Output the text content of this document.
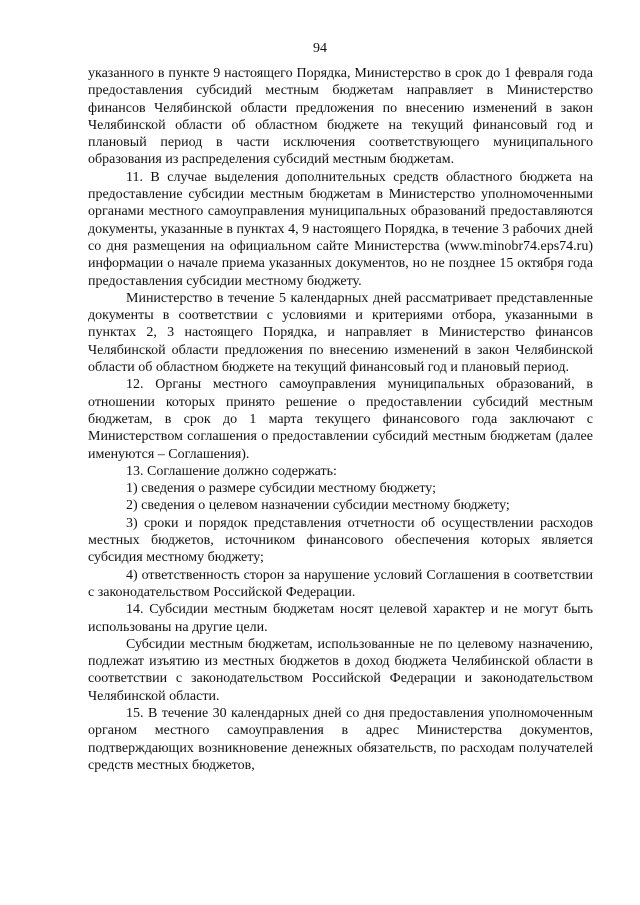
94

указанного в пункте 9 настоящего Порядка, Министерство в срок до 1 февраля года предоставления субсидий местным бюджетам направляет в Министерство финансов Челябинской области предложения по внесению изменений в закон Челябинской области об областном бюджете на текущий финансовый год и плановый период в части исключения соответствующего муниципального образования из распределения субсидий местным бюджетам.

11. В случае выделения дополнительных средств областного бюджета на предоставление субсидии местным бюджетам в Министерство уполномоченными органами местного самоуправления муниципальных образований предоставляются документы, указанные в пунктах 4, 9 настоящего Порядка, в течение 3 рабочих дней со дня размещения на официальном сайте Министерства (www.minobr74.eps74.ru) информации о начале приема указанных документов, но не позднее 15 октября года предоставления субсидии местному бюджету.

Министерство в течение 5 календарных дней рассматривает представленные документы в соответствии с условиями и критериями отбора, указанными в пунктах 2, 3 настоящего Порядка, и направляет в Министерство финансов Челябинской области предложения по внесению изменений в закон Челябинской области об областном бюджете на текущий финансовый год и плановый период.

12. Органы местного самоуправления муниципальных образований, в отношении которых принято решение о предоставлении субсидий местным бюджетам, в срок до 1 марта текущего финансового года заключают с Министерством соглашения о предоставлении субсидий местным бюджетам (далее именуются – Соглашения).

13. Соглашение должно содержать:

1) сведения о размере субсидии местному бюджету;

2) сведения о целевом назначении субсидии местному бюджету;

3) сроки и порядок представления отчетности об осуществлении расходов местных бюджетов, источником финансового обеспечения которых является субсидия местному бюджету;

4) ответственность сторон за нарушение условий Соглашения в соответствии с законодательством Российской Федерации.

14. Субсидии местным бюджетам носят целевой характер и не могут быть использованы на другие цели.

Субсидии местным бюджетам, использованные не по целевому назначению, подлежат изъятию из местных бюджетов в доход бюджета Челябинской области в соответствии с законодательством Российской Федерации и законодательством Челябинской области.

15. В течение 30 календарных дней со дня предоставления уполномоченным органом местного самоуправления в адрес Министерства документов, подтверждающих возникновение денежных обязательств, по расходам получателей средств местных бюджетов,
